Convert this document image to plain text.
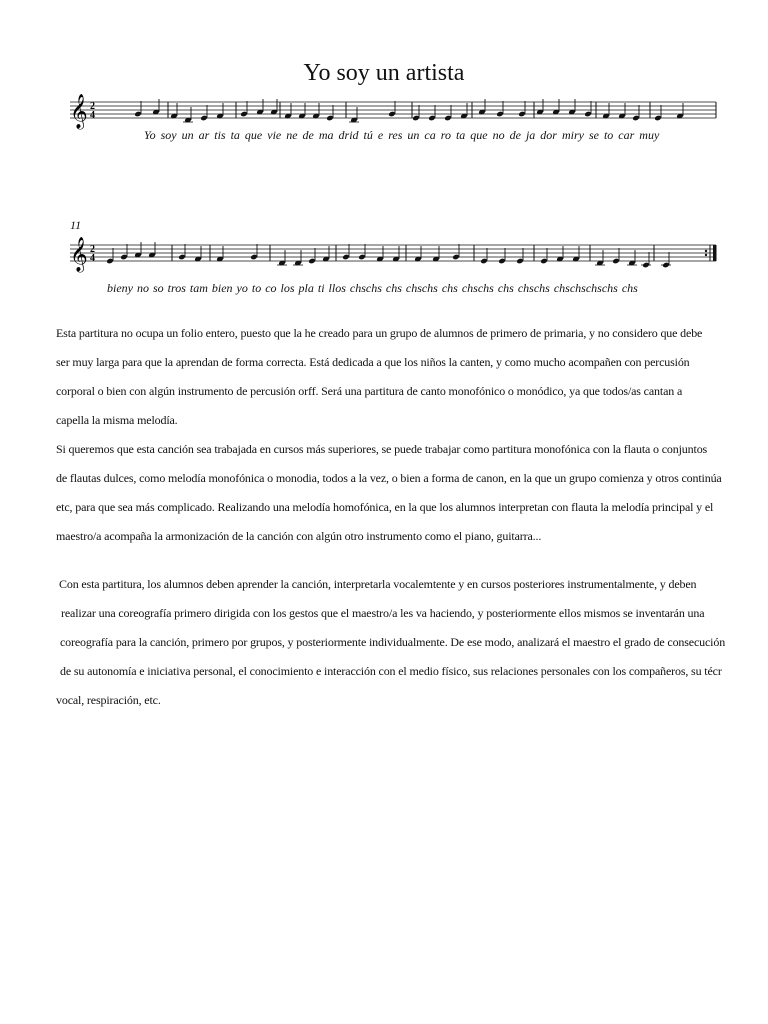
Yo soy un artista
𝄞 2
4
Yo soy un ar tis ta que vie ne de ma drid tú e res un ca ro ta que no de ja dor miry se to car muy
11
𝄞 2
4
bieny no so tros tam bien yo to co los pla ti llos chschs chs chschs chs chschs chs chschs chschschschs chs

Esta partitura no ocupa un folio entero, puesto que la he creado para un grupo de alumnos de primero de primaria, y no considero que debe

ser muy larga para que la aprendan de forma correcta. Está dedicada a que los niños la canten, y como mucho acompañen con percusión

corporal o bien con algún instrumento de percusión orff. Será una partitura de canto monofónico o monódico, ya que todos/as cantan a

capella la misma melodía.

Si queremos que esta canción sea trabajada en cursos más superiores, se puede trabajar como partitura monofónica con la flauta o conjuntos

de flautas dulces, como melodía monofónica o monodia, todos a la vez, o bien a forma de canon, en la que un grupo comienza y otros continúa

etc, para que sea más complicado. Realizando una melodía homofónica, en la que los alumnos interpretan con flauta la melodía principal y el

maestro/a acompaña la armonización de la canción con algún otro instrumento como el piano, guitarra...

Con esta partitura, los alumnos deben aprender la canción, interpretarla vocalemtente y en cursos posteriores instrumentalmente, y deben

realizar una coreografía primero dirigida con los gestos que el maestro/a les va haciendo, y posteriormente ellos mismos se inventarán una

coreografía para la canción, primero por grupos, y posteriormente individualmente. De ese modo, analizará el maestro el grado de consecución

de su autonomía e iniciativa personal, el conocimiento e interacción con el medio físico, sus relaciones personales con los compañeros, su técr

vocal, respiración, etc.
